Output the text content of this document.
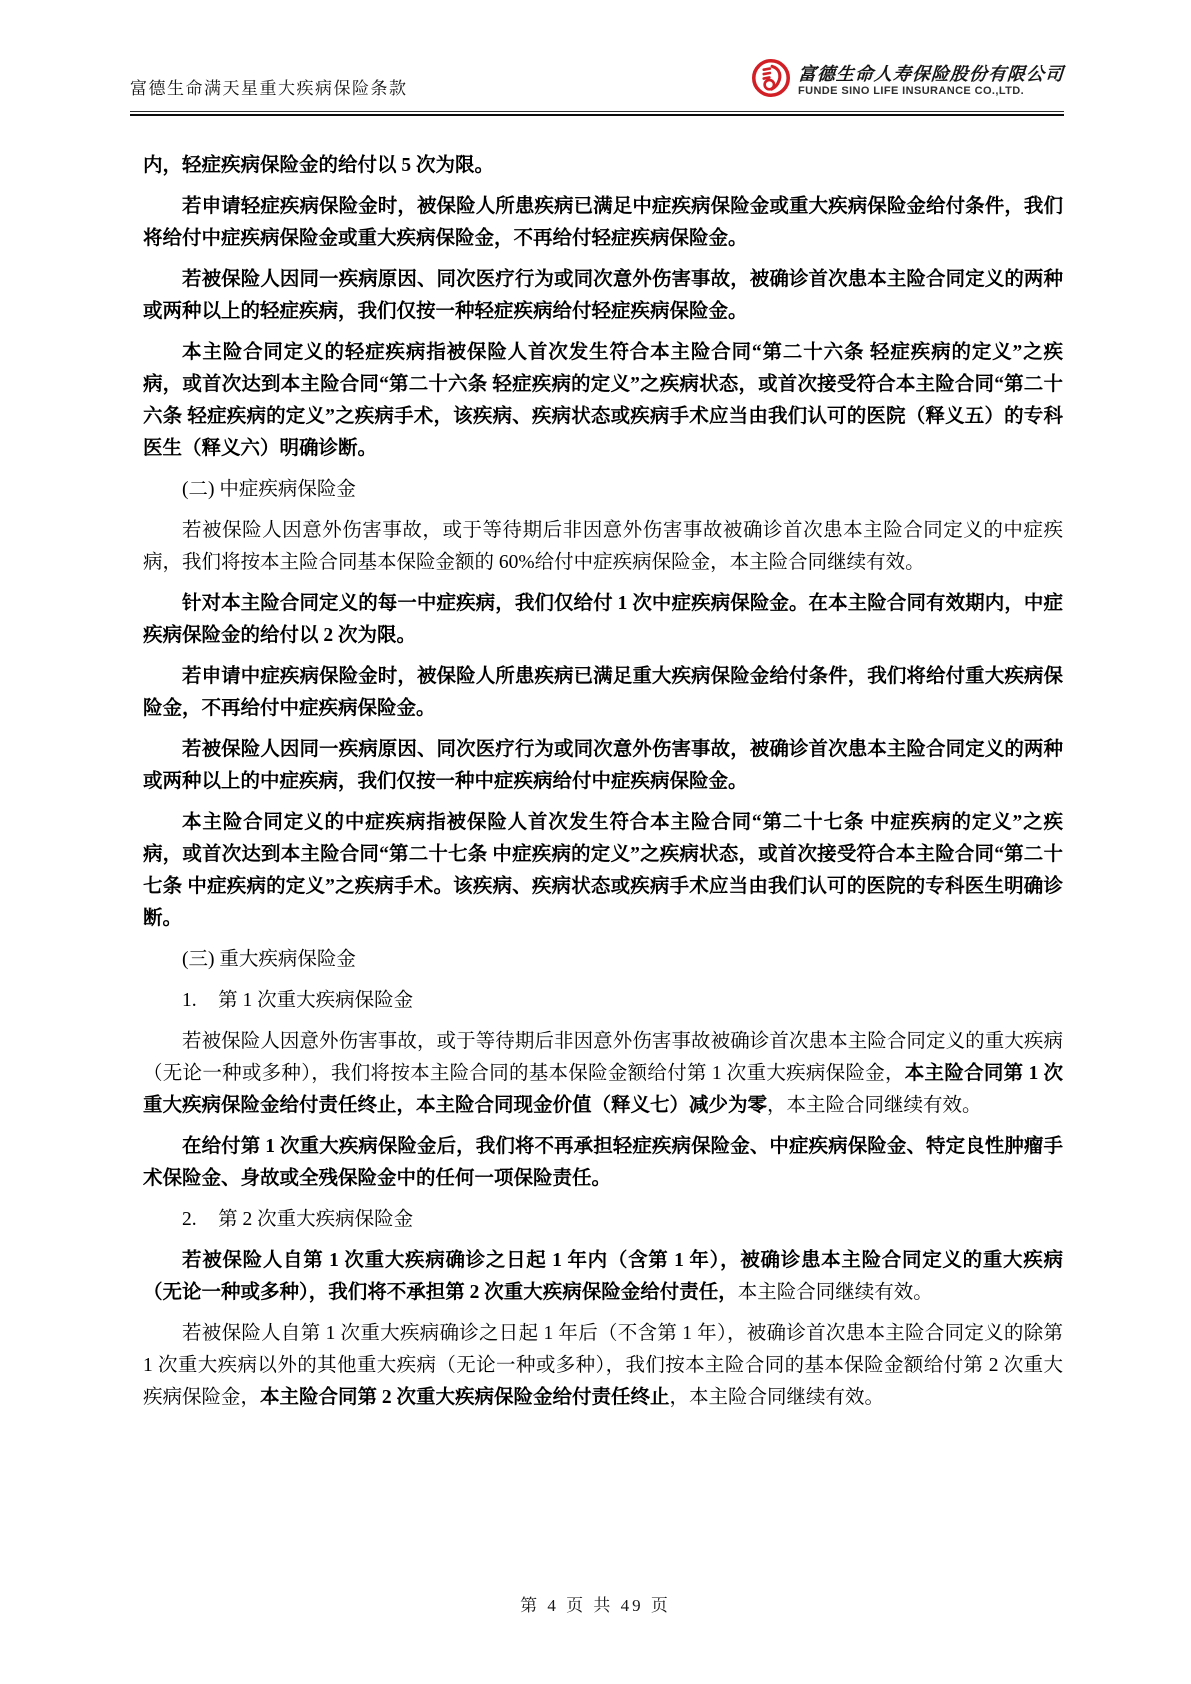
富德生命满天星重大疾病保险条款
富德生命人寿保险股份有限公司
FUNDE SINO LIFE INSURANCE CO.,LTD.

内，轻症疾病保险金的给付以 5 次为限。

若申请轻症疾病保险金时，被保险人所患疾病已满足中症疾病保险金或重大疾病保险金给付条件，我们将给付中症疾病保险金或重大疾病保险金，不再给付轻症疾病保险金。

若被保险人因同一疾病原因、同次医疗行为或同次意外伤害事故，被确诊首次患本主险合同定义的两种或两种以上的轻症疾病，我们仅按一种轻症疾病给付轻症疾病保险金。

本主险合同定义的轻症疾病指被保险人首次发生符合本主险合同“第二十六条 轻症疾病的定义”之疾病，或首次达到本主险合同“第二十六条 轻症疾病的定义”之疾病状态，或首次接受符合本主险合同“第二十六条 轻症疾病的定义”之疾病手术，该疾病、疾病状态或疾病手术应当由我们认可的医院（释义五）的专科医生（释义六）明确诊断。

(二) 中症疾病保险金

若被保险人因意外伤害事故，或于等待期后非因意外伤害事故被确诊首次患本主险合同定义的中症疾病，我们将按本主险合同基本保险金额的 60%给付中症疾病保险金，本主险合同继续有效。

针对本主险合同定义的每一中症疾病，我们仅给付 1 次中症疾病保险金。在本主险合同有效期内，中症疾病保险金的给付以 2 次为限。

若申请中症疾病保险金时，被保险人所患疾病已满足重大疾病保险金给付条件，我们将给付重大疾病保险金，不再给付中症疾病保险金。

若被保险人因同一疾病原因、同次医疗行为或同次意外伤害事故，被确诊首次患本主险合同定义的两种或两种以上的中症疾病，我们仅按一种中症疾病给付中症疾病保险金。

本主险合同定义的中症疾病指被保险人首次发生符合本主险合同“第二十七条 中症疾病的定义”之疾病，或首次达到本主险合同“第二十七条 中症疾病的定义”之疾病状态，或首次接受符合本主险合同“第二十七条 中症疾病的定义”之疾病手术。该疾病、疾病状态或疾病手术应当由我们认可的医院的专科医生明确诊断。

(三) 重大疾病保险金

1. 第 1 次重大疾病保险金

若被保险人因意外伤害事故，或于等待期后非因意外伤害事故被确诊首次患本主险合同定义的重大疾病（无论一种或多种），我们将按本主险合同的基本保险金额给付第 1 次重大疾病保险金，本主险合同第 1 次重大疾病保险金给付责任终止，本主险合同现金价值（释义七）减少为零，本主险合同继续有效。

在给付第 1 次重大疾病保险金后，我们将不再承担轻症疾病保险金、中症疾病保险金、特定良性肿瘤手术保险金、身故或全残保险金中的任何一项保险责任。

2. 第 2 次重大疾病保险金

若被保险人自第 1 次重大疾病确诊之日起 1 年内（含第 1 年），被确诊患本主险合同定义的重大疾病（无论一种或多种），我们将不承担第 2 次重大疾病保险金给付责任，本主险合同继续有效。

若被保险人自第 1 次重大疾病确诊之日起 1 年后（不含第 1 年），被确诊首次患本主险合同定义的除第 1 次重大疾病以外的其他重大疾病（无论一种或多种），我们按本主险合同的基本保险金额给付第 2 次重大疾病保险金，本主险合同第 2 次重大疾病保险金给付责任终止，本主险合同继续有效。

第 4 页 共 49 页
